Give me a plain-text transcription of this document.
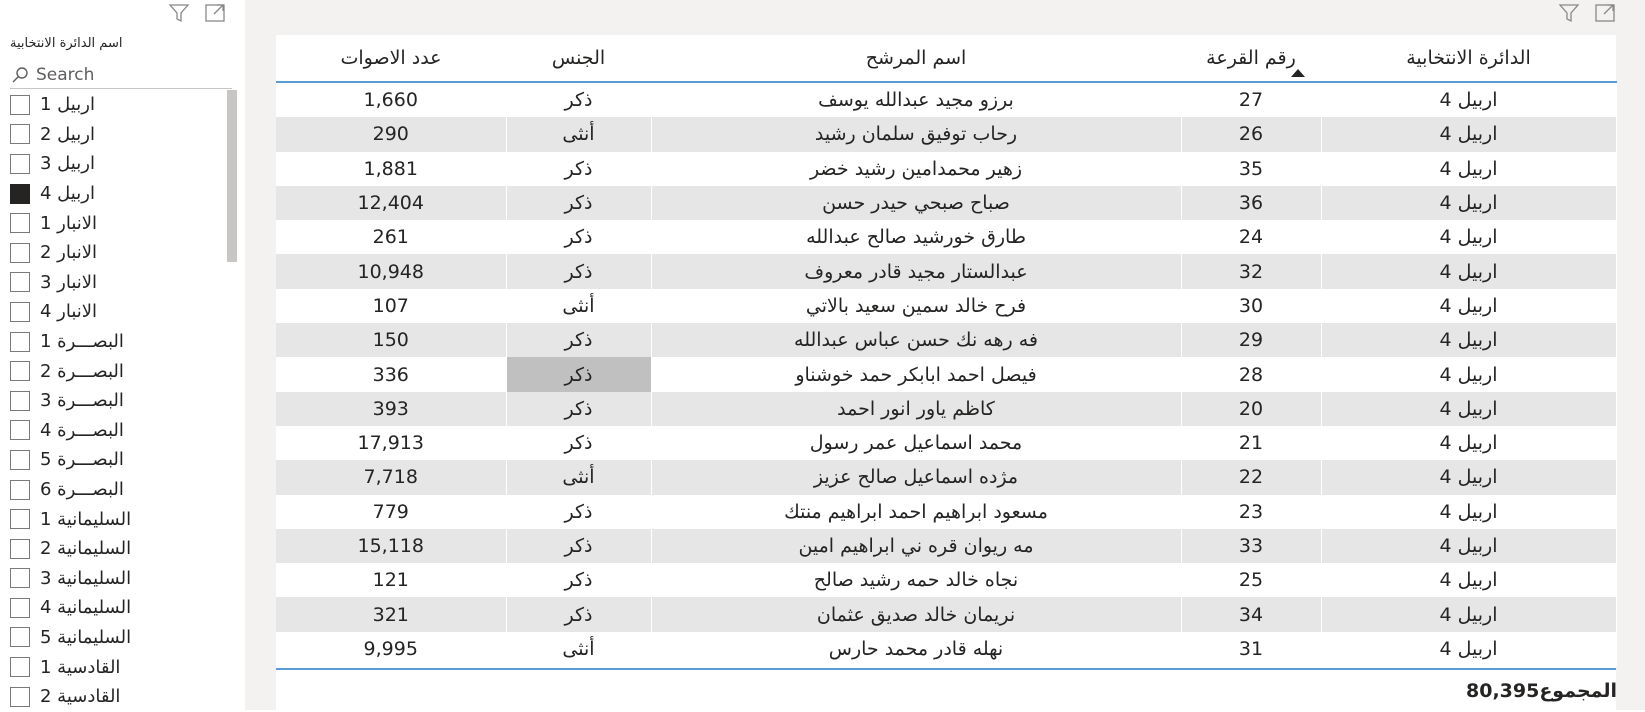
اسم الدائرة الانتخابية
Search
اربيل 1
اربيل 2
اربيل 3
اربيل 4
الانبار 1
الانبار 2
الانبار 3
الانبار 4
البصـــرة 1
البصـــرة 2
البصـــرة 3
البصـــرة 4
البصـــرة 5
البصـــرة 6
السليمانية 1
السليمانية 2
السليمانية 3
السليمانية 4
السليمانية 5
القادسية 1
القادسية 2
عدد الاصوات	الجنس	اسم المرشح	رقم القرعة	الدائرة الانتخابية
1,660	ذكر	برزو مجيد عبدالله يوسف	27	اربيل 4
290	أنثى	رحاب توفيق سلمان رشيد	26	اربيل 4
1,881	ذكر	زهير محمدامين رشيد خضر	35	اربيل 4
12,404	ذكر	صباح صبحي حيدر حسن	36	اربيل 4
261	ذكر	طارق خورشيد صالح عبدالله	24	اربيل 4
10,948	ذكر	عبدالستار مجيد قادر معروف	32	اربيل 4
107	أنثى	فرح خالد سمين سعيد بالاتي	30	اربيل 4
150	ذكر	فه رهه نك حسن عباس عبدالله	29	اربيل 4
336	ذكر	فيصل احمد ابابكر حمد خوشناو	28	اربيل 4
393	ذكر	كاظم ياور انور احمد	20	اربيل 4
17,913	ذكر	محمد اسماعيل عمر رسول	21	اربيل 4
7,718	أنثى	مژده اسماعيل صالح عزيز	22	اربيل 4
779	ذكر	مسعود ابراهيم احمد ابراهيم منتك	23	اربيل 4
15,118	ذكر	مه ريوان قره ني ابراهيم امين	33	اربيل 4
121	ذكر	نجاه خالد حمه رشيد صالح	25	اربيل 4
321	ذكر	نريمان خالد صديق عثمان	34	اربيل 4
9,995	أنثى	نهله قادر محمد حارس	31	اربيل 4
80,395 المجموع
